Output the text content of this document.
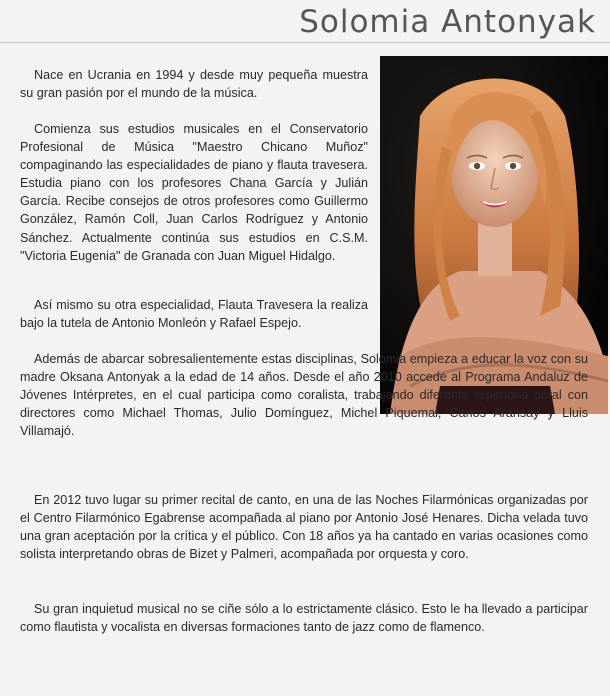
Solomia Antonyak

Nace en Ucrania en 1994 y desde muy pequeña muestra su gran pasión por el mundo de la música.

Comienza sus estudios musicales en el Conservatorio Profesional de Música "Maestro Chicano Muñoz" compaginando las especialidades de piano y flauta travesera. Estudia piano con los profesores Chana García y Julián García. Recibe consejos de otros profesores como Guillermo González, Ramón Coll, Juan Carlos Rodríguez y Antonio Sánchez. Actualmente continúa sus estudios en C.S.M. "Victoria Eugenia" de Granada con Juan Miguel Hidalgo.

Así mismo su otra especialidad, Flauta Travesera la realiza bajo la tutela de Antonio Monleón y Rafael Espejo.

Además de abarcar sobresalientemente estas disciplinas, Solomia empieza a educar la voz con su madre Oksana Antonyak a la edad de 14 años. Desde el año 2010 accede al Programa Andaluz de Jóvenes Intérpretes, en el cual participa como coralista, trabajando diferente repertorio coral con directores como Michael Thomas, Julio Domínguez, Michel Piquemal, Carlos Aransay y Lluis Villamajó.

En 2012 tuvo lugar su primer recital de canto, en una de las Noches Filarmónicas organizadas por el Centro Filarmónico Egabrense acompañada al piano por Antonio José Henares. Dicha velada tuvo una gran aceptación por la crítica y el público. Con 18 años ya ha cantado en varias ocasiones como solista interpretando obras de Bizet y Palmeri, acompañada por orquesta y coro.

Su gran inquietud musical no se ciñe sólo a lo estrictamente clásico. Esto le ha llevado a participar como flautista y vocalista en diversas formaciones tanto de jazz como de flamenco.
